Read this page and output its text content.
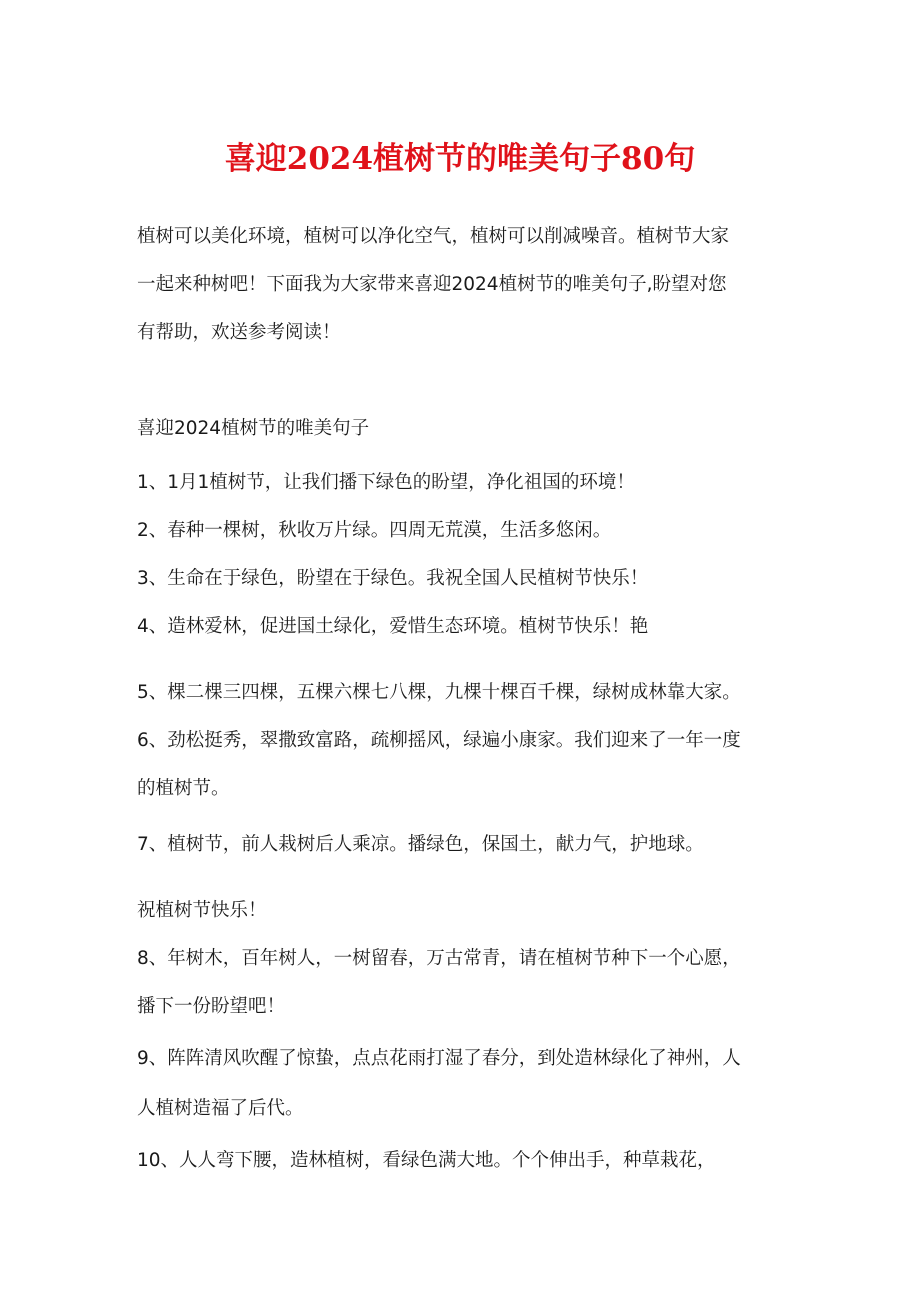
喜迎2024植树节的唯美句子80句
植树可以美化环境，植树可以净化空气，植树可以削减噪音。植树节大家
一起来种树吧！下面我为大家带来喜迎2024植树节的唯美句子,盼望对您
有帮助，欢送参考阅读！
喜迎2024植树节的唯美句子
1、1月1植树节，让我们播下绿色的盼望，净化祖国的环境！
2、春种一棵树，秋收万片绿。四周无荒漠，生活多悠闲。
3、生命在于绿色，盼望在于绿色。我祝全国人民植树节快乐！
4、造林爱林，促进国土绿化，爱惜生态环境。植树节快乐！艳
5、棵二棵三四棵，五棵六棵七八棵，九棵十棵百千棵，绿树成林靠大家。
6、劲松挺秀，翠撒致富路，疏柳摇风，绿遍小康家。我们迎来了一年一度
的植树节。
7、植树节，前人栽树后人乘凉。播绿色，保国土，献力气，护地球。
祝植树节快乐！
8、年树木，百年树人，一树留春，万古常青，请在植树节种下一个心愿，
播下一份盼望吧！
9、阵阵清风吹醒了惊蛰，点点花雨打湿了春分，到处造林绿化了神州，人
人植树造福了后代。
10、人人弯下腰，造林植树，看绿色满大地。个个伸出手，种草栽花，
